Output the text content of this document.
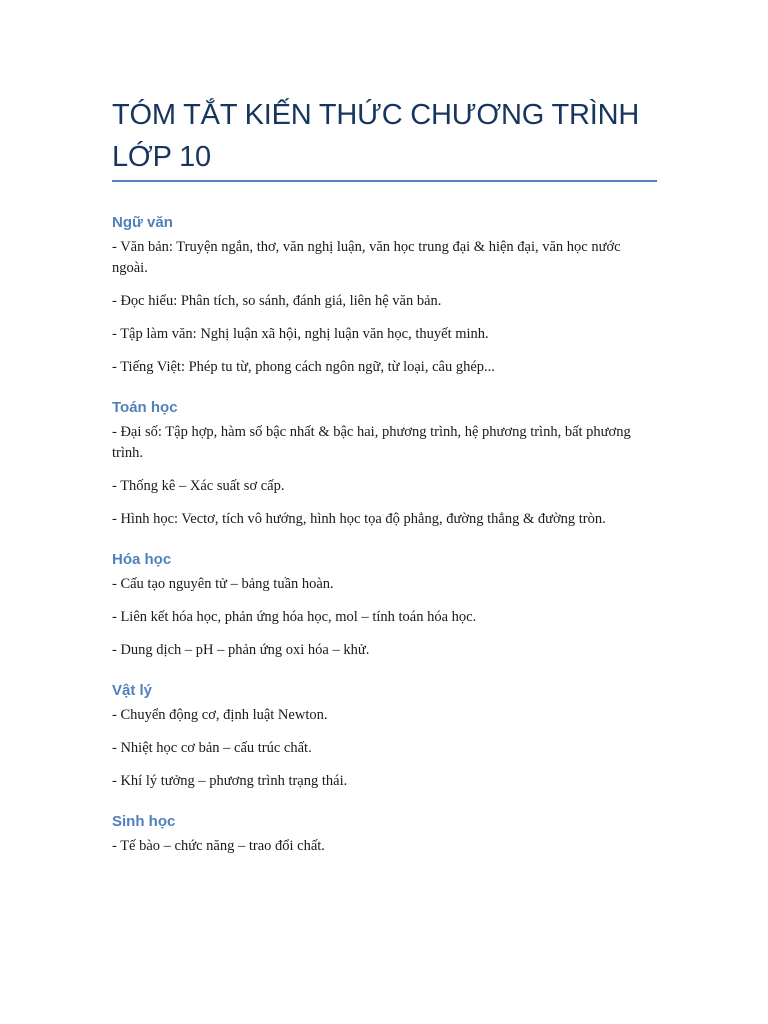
TÓM TẮT KIẾN THỨC CHƯƠNG TRÌNH LỚP 10
Ngữ văn

- Văn bản: Truyện ngắn, thơ, văn nghị luận, văn học trung đại & hiện đại, văn học nước ngoài.

- Đọc hiểu: Phân tích, so sánh, đánh giá, liên hệ văn bản.

- Tập làm văn: Nghị luận xã hội, nghị luận văn học, thuyết minh.

- Tiếng Việt: Phép tu từ, phong cách ngôn ngữ, từ loại, câu ghép...

Toán học

- Đại số: Tập hợp, hàm số bậc nhất & bậc hai, phương trình, hệ phương trình, bất phương trình.

- Thống kê – Xác suất sơ cấp.

- Hình học: Vectơ, tích vô hướng, hình học tọa độ phẳng, đường thẳng & đường tròn.

Hóa học

- Cấu tạo nguyên tử – bảng tuần hoàn.

- Liên kết hóa học, phản ứng hóa học, mol – tính toán hóa học.

- Dung dịch – pH – phản ứng oxi hóa – khử.

Vật lý

- Chuyển động cơ, định luật Newton.

- Nhiệt học cơ bản – cấu trúc chất.

- Khí lý tưởng – phương trình trạng thái.

Sinh học

- Tế bào – chức năng – trao đổi chất.
